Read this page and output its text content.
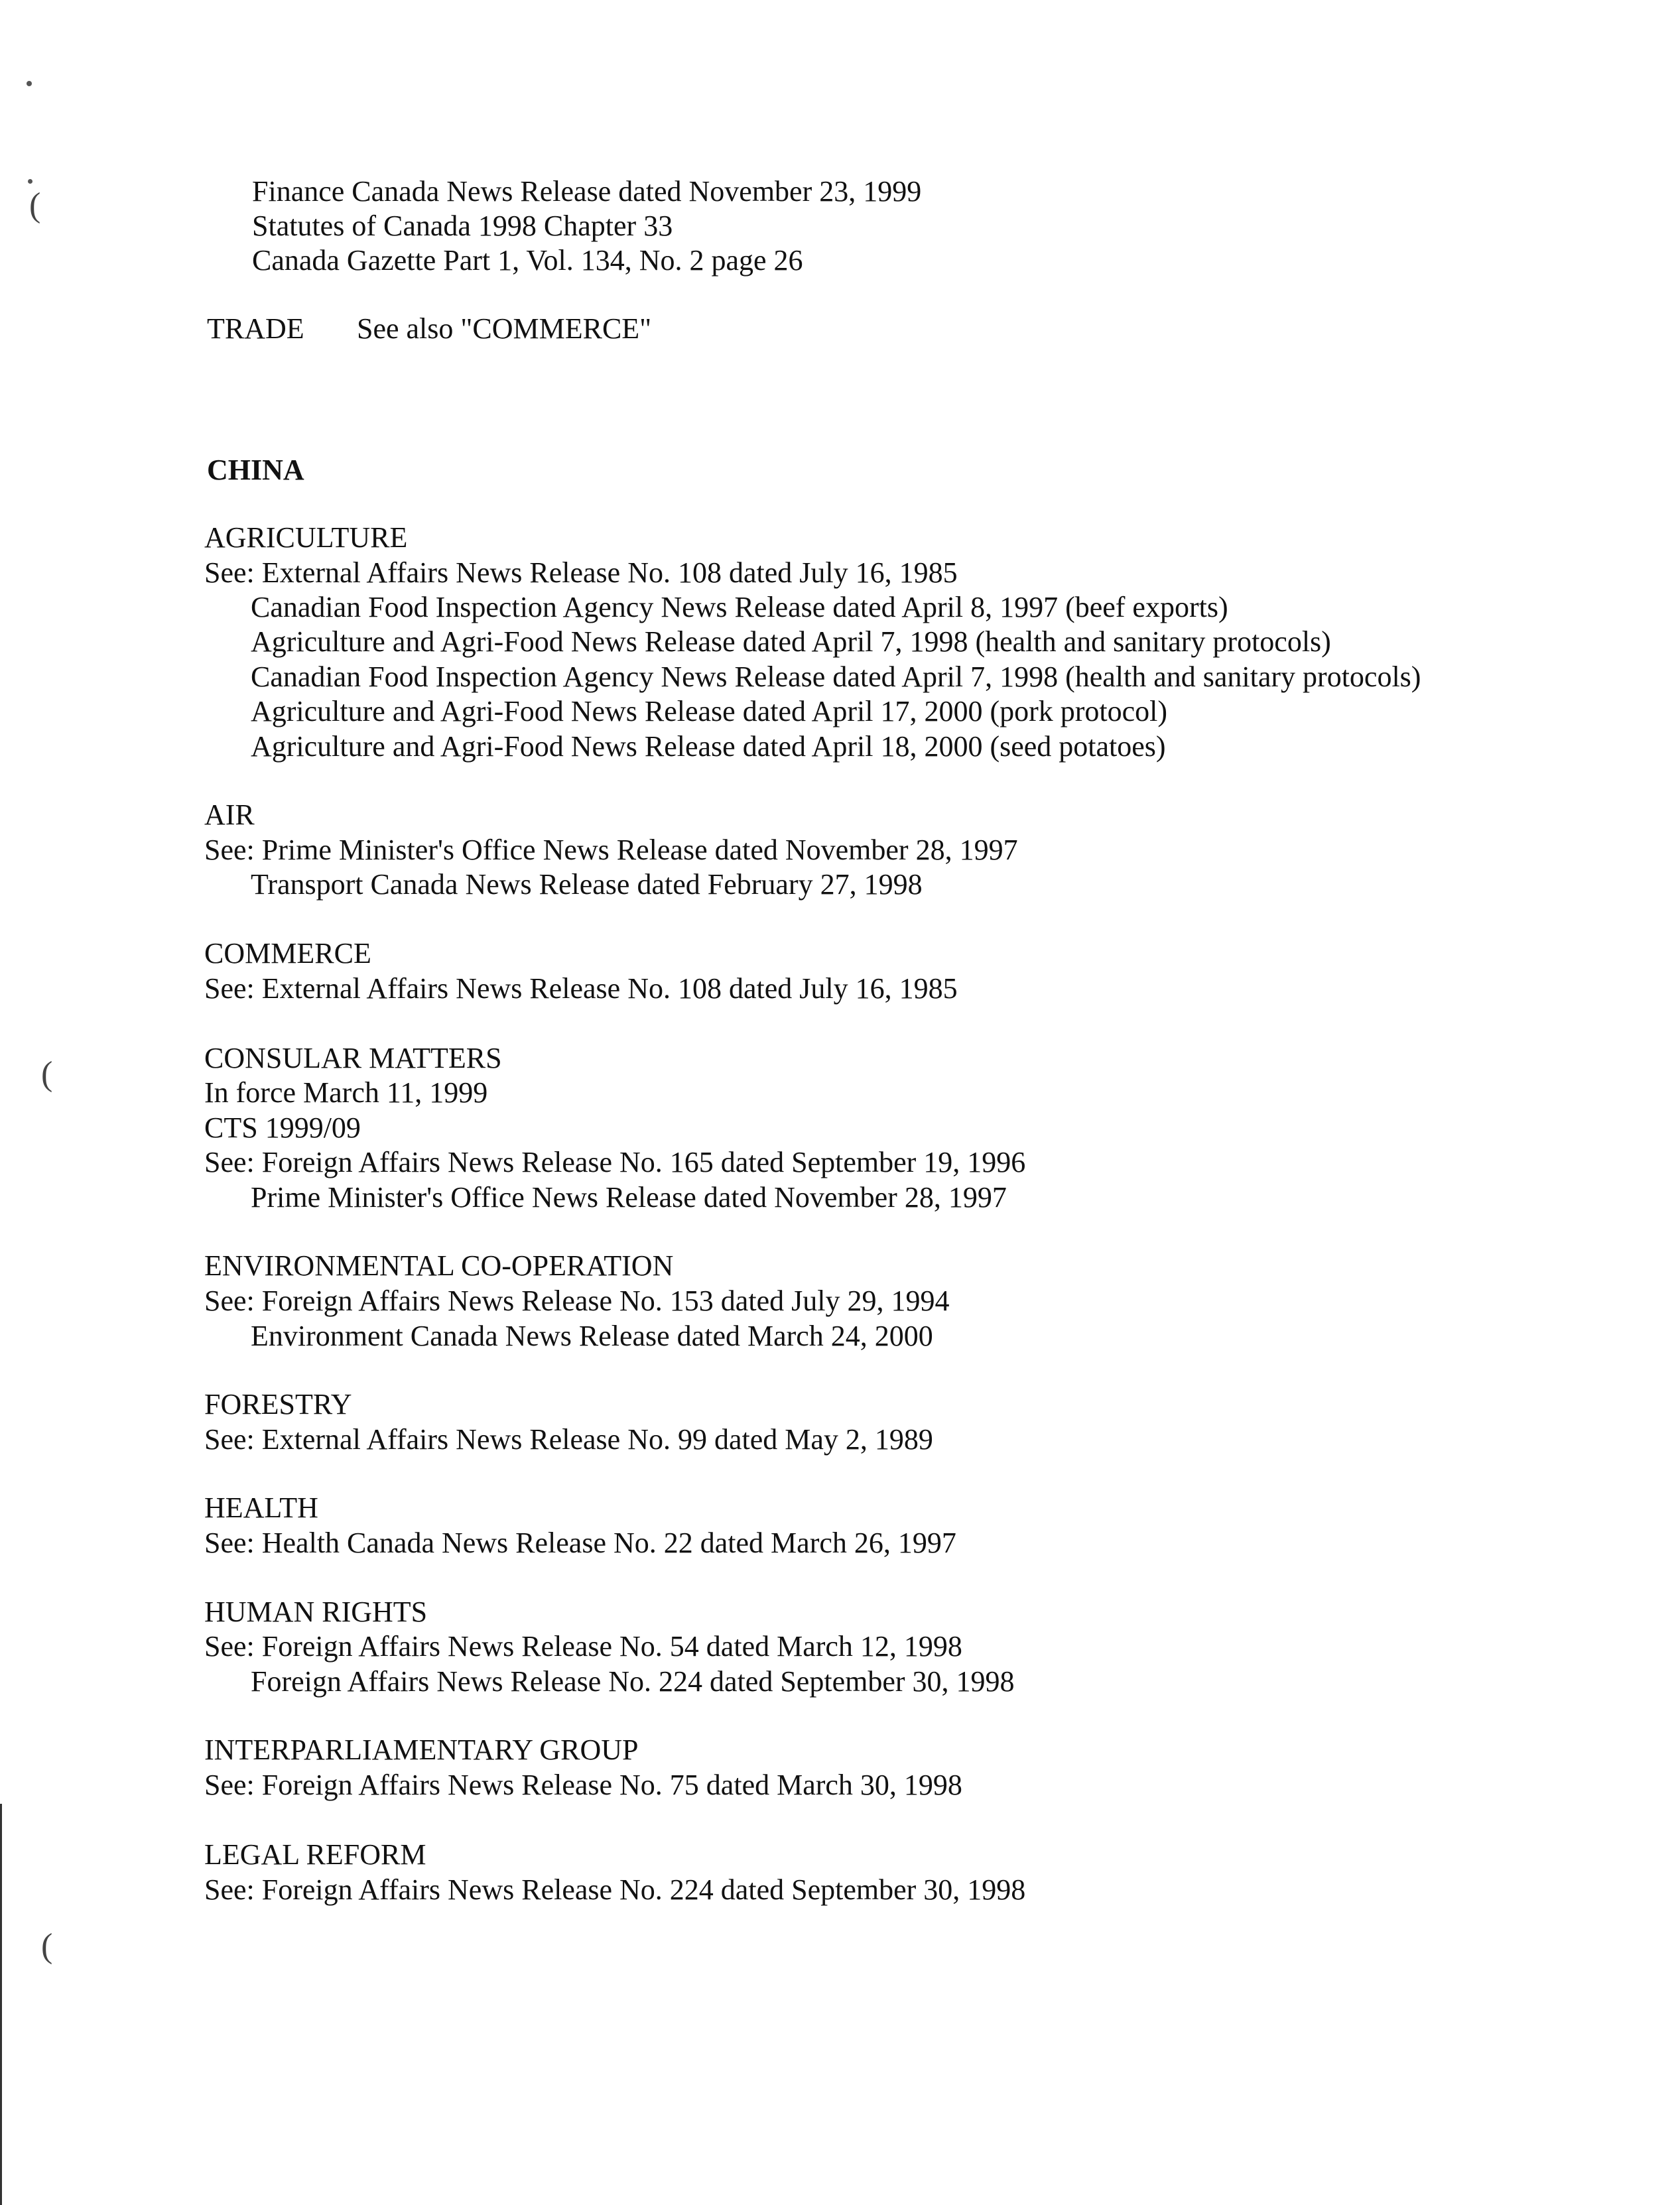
Finance Canada News Release dated November 23, 1999
Statutes of Canada 1998 Chapter 33
Canada Gazette Part 1, Vol. 134, No. 2 page 26
TRADE See also "COMMERCE"
CHINA
AGRICULTURE
See: External Affairs News Release No. 108 dated July 16, 1985
Canadian Food Inspection Agency News Release dated April 8, 1997 (beef exports)
Agriculture and Agri-Food News Release dated April 7, 1998 (health and sanitary protocols)
Canadian Food Inspection Agency News Release dated April 7, 1998 (health and sanitary protocols)
Agriculture and Agri-Food News Release dated April 17, 2000 (pork protocol)
Agriculture and Agri-Food News Release dated April 18, 2000 (seed potatoes)
AIR
See: Prime Minister's Office News Release dated November 28, 1997
Transport Canada News Release dated February 27, 1998
COMMERCE
See: External Affairs News Release No. 108 dated July 16, 1985
CONSULAR MATTERS
In force March 11, 1999
CTS 1999/09
See: Foreign Affairs News Release No. 165 dated September 19, 1996
Prime Minister's Office News Release dated November 28, 1997
ENVIRONMENTAL CO-OPERATION
See: Foreign Affairs News Release No. 153 dated July 29, 1994
Environment Canada News Release dated March 24, 2000
FORESTRY
See: External Affairs News Release No. 99 dated May 2, 1989
HEALTH
See: Health Canada News Release No. 22 dated March 26, 1997
HUMAN RIGHTS
See: Foreign Affairs News Release No. 54 dated March 12, 1998
Foreign Affairs News Release No. 224 dated September 30, 1998
INTERPARLIAMENTARY GROUP
See: Foreign Affairs News Release No. 75 dated March 30, 1998
LEGAL REFORM
See: Foreign Affairs News Release No. 224 dated September 30, 1998
(
(
(
